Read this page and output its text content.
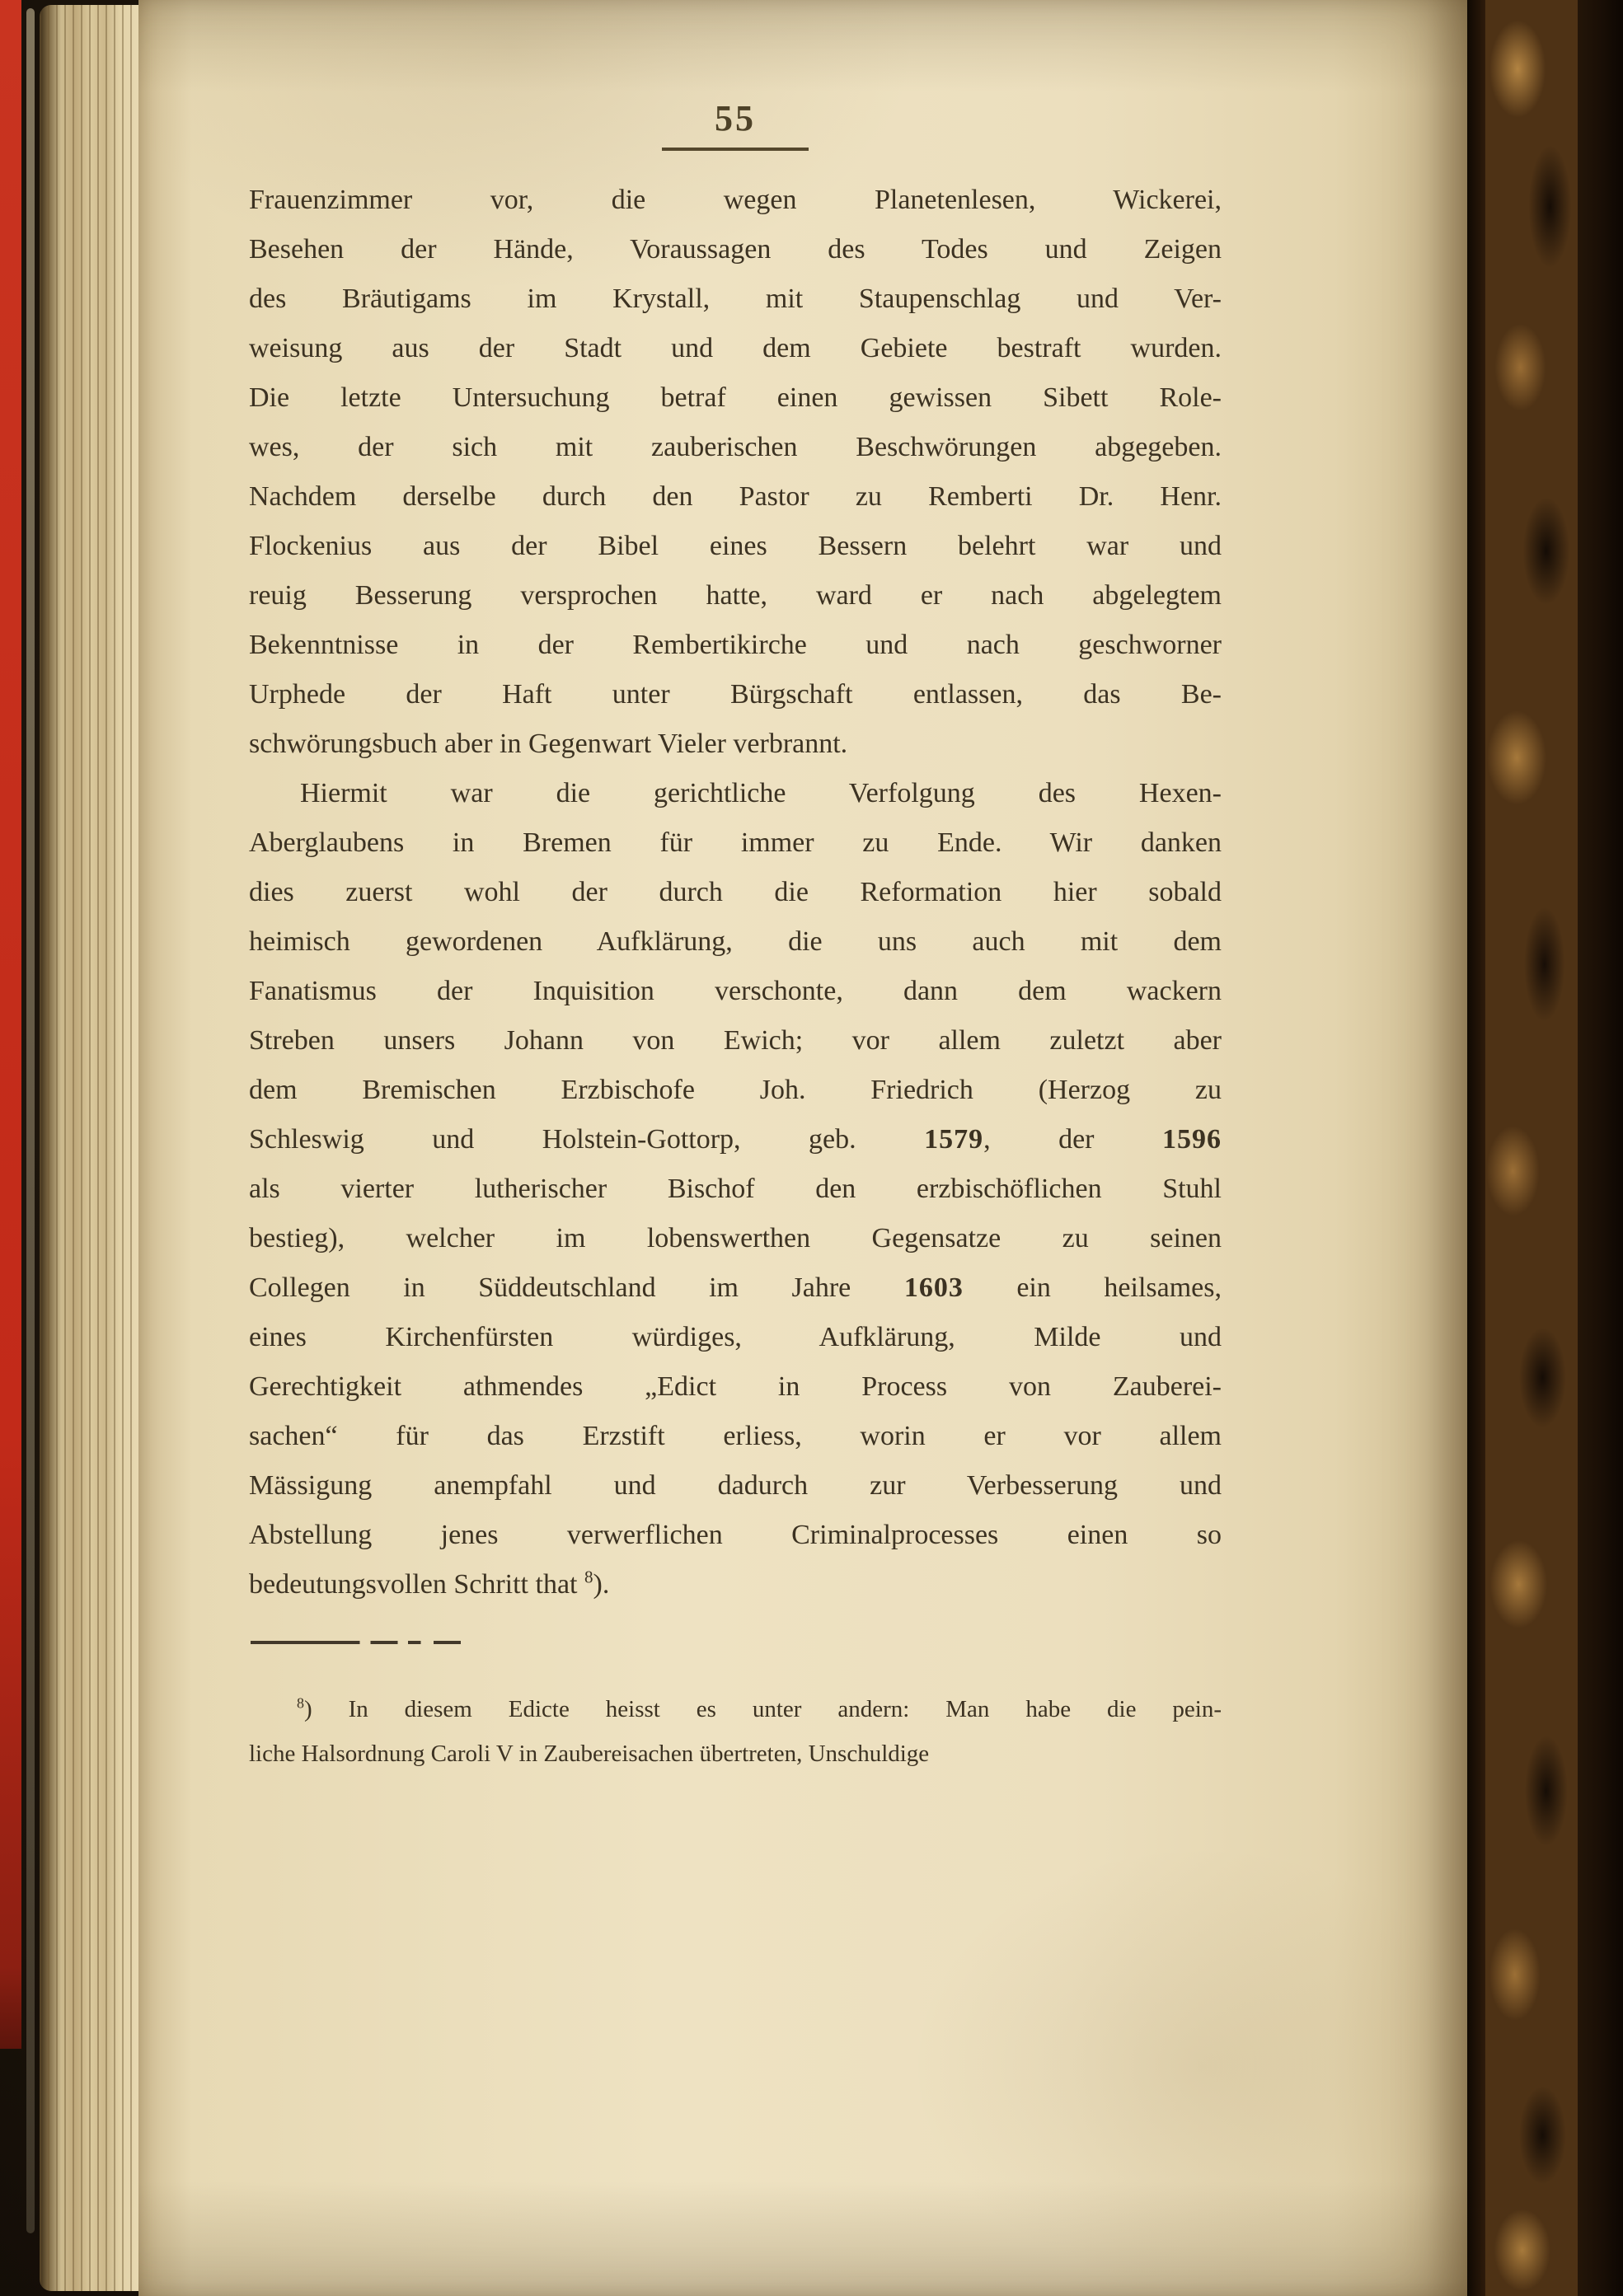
55
Frauenzimmer vor, die wegen Planetenlesen, Wickerei,
Besehen der Hände, Voraussagen des Todes und Zeigen
des Bräutigams im Krystall, mit Staupenschlag und Ver-
weisung aus der Stadt und dem Gebiete bestraft wurden.
Die letzte Untersuchung betraf einen gewissen Sibett Role-
wes, der sich mit zauberischen Beschwörungen abgegeben.
Nachdem derselbe durch den Pastor zu Remberti Dr. Henr.
Flockenius aus der Bibel eines Bessern belehrt war und
reuig Besserung versprochen hatte, ward er nach abgelegtem
Bekenntnisse in der Rembertikirche und nach geschworner
Urphede der Haft unter Bürgschaft entlassen, das Be-
schwörungsbuch aber in Gegenwart Vieler verbrannt.
Hiermit war die gerichtliche Verfolgung des Hexen-
Aberglaubens in Bremen für immer zu Ende. Wir danken
dies zuerst wohl der durch die Reformation hier sobald
heimisch gewordenen Aufklärung, die uns auch mit dem
Fanatismus der Inquisition verschonte, dann dem wackern
Streben unsers Johann von Ewich; vor allem zuletzt aber
dem Bremischen Erzbischofe Joh. Friedrich (Herzog zu
Schleswig und Holstein-Gottorp, geb. 1579, der 1596
als vierter lutherischer Bischof den erzbischöflichen Stuhl
bestieg), welcher im lobenswerthen Gegensatze zu seinen
Collegen in Süddeutschland im Jahre 1603 ein heilsames,
eines Kirchenfürsten würdiges, Aufklärung, Milde und
Gerechtigkeit athmendes „Edict in Process von Zauberei-
sachen“ für das Erzstift erliess, worin er vor allem
Mässigung anempfahl und dadurch zur Verbesserung und
Abstellung jenes verwerflichen Criminalprocesses einen so
bedeutungsvollen Schritt that $^8$).
$^8$) In diesem Edicte heisst es unter andern: Man habe die pein-
liche Halsordnung Caroli V in Zaubereisachen übertreten, Unschuldige
